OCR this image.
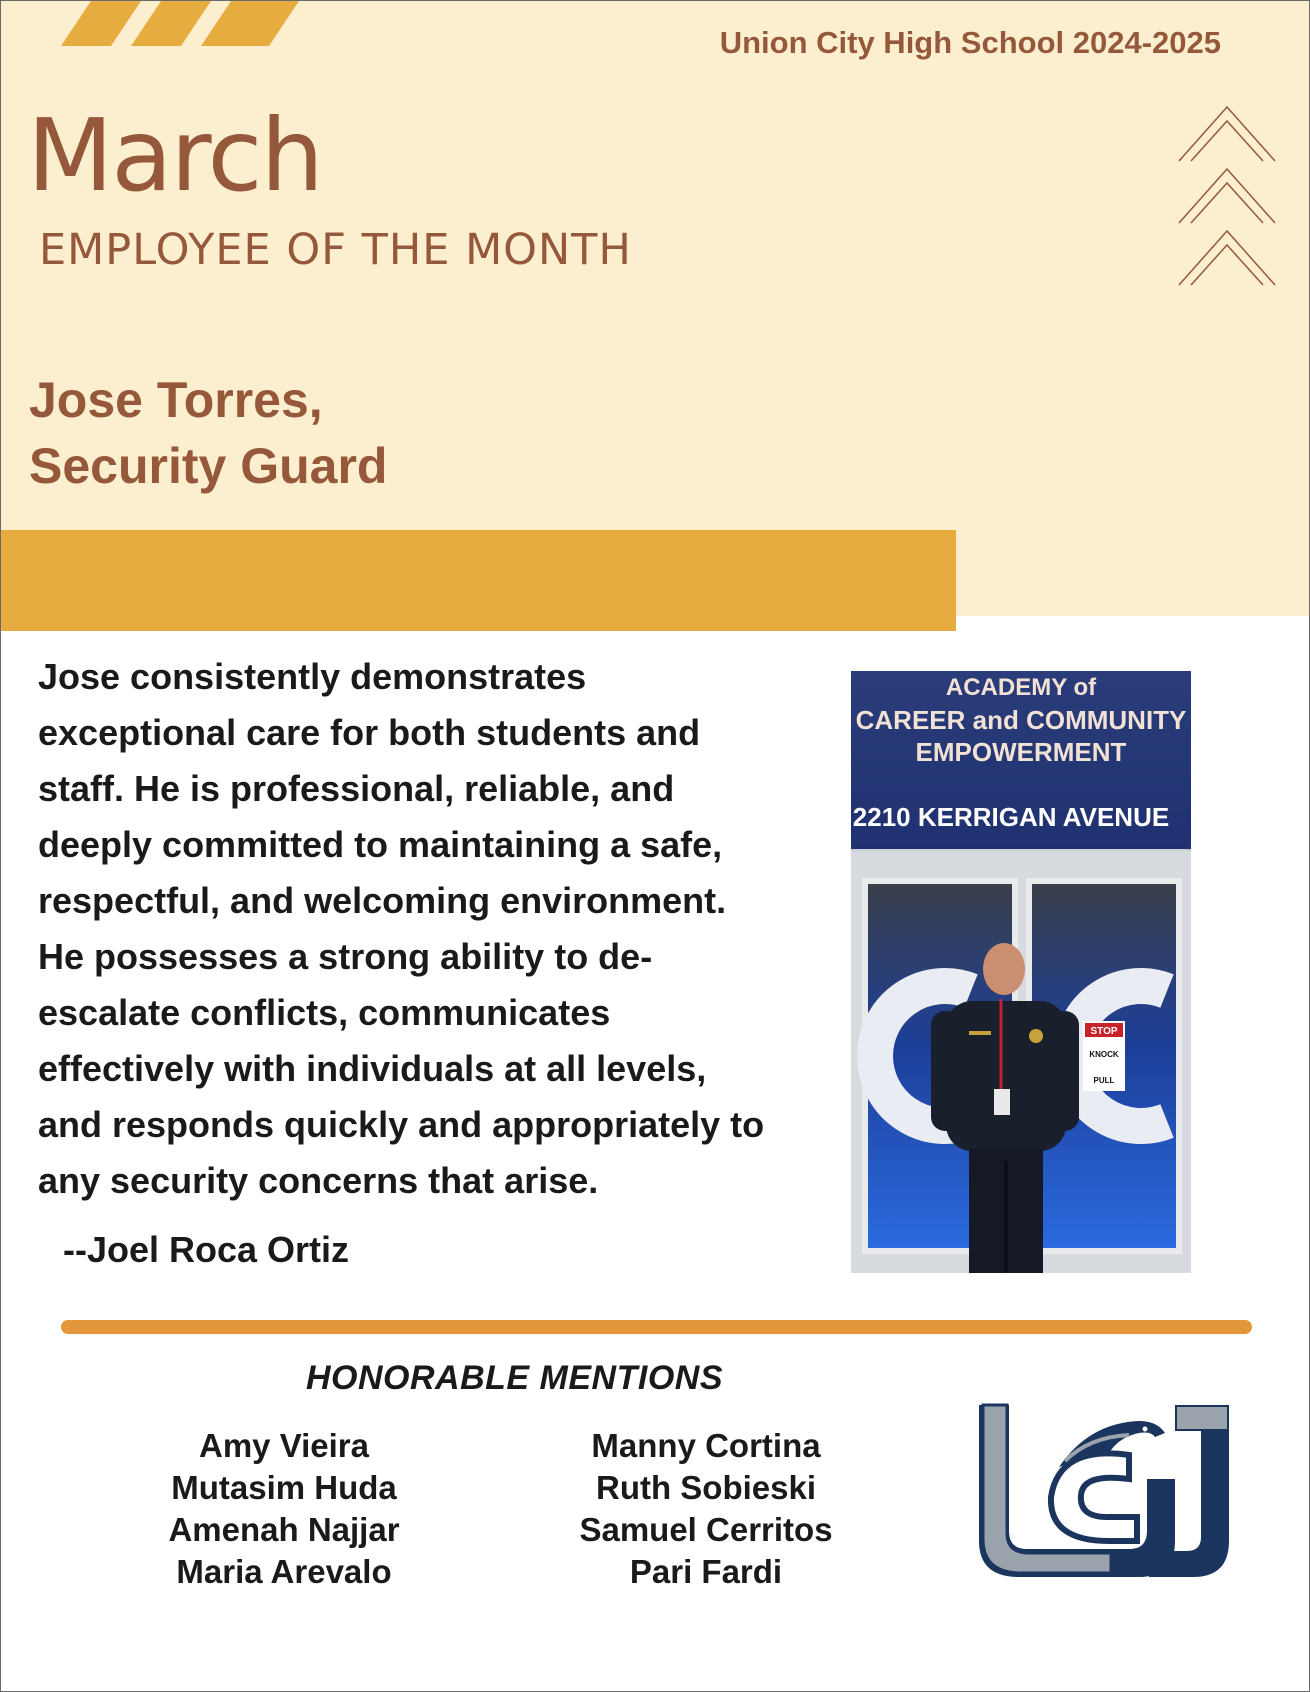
Union City High School 2024-2025
March
EMPLOYEE OF THE MONTH
Jose Torres,
Security Guard
Jose consistently demonstrates exceptional care for both students and staff. He is professional, reliable, and deeply committed to maintaining a safe, respectful, and welcoming environment. He possesses a strong ability to de-escalate conflicts, communicates effectively with individuals at all levels, and responds quickly and appropriately to any security concerns that arise.
--Joel Roca Ortiz
ACADEMY of
CAREER and COMMUNITY
EMPOWERMENT
2210 KERRIGAN AVENUE
STOP
KNOCK
PULL
HONORABLE MENTIONS
Amy Vieira
Mutasim Huda
Amenah Najjar
Maria Arevalo
Manny Cortina
Ruth Sobieski
Samuel Cerritos
Pari Fardi
